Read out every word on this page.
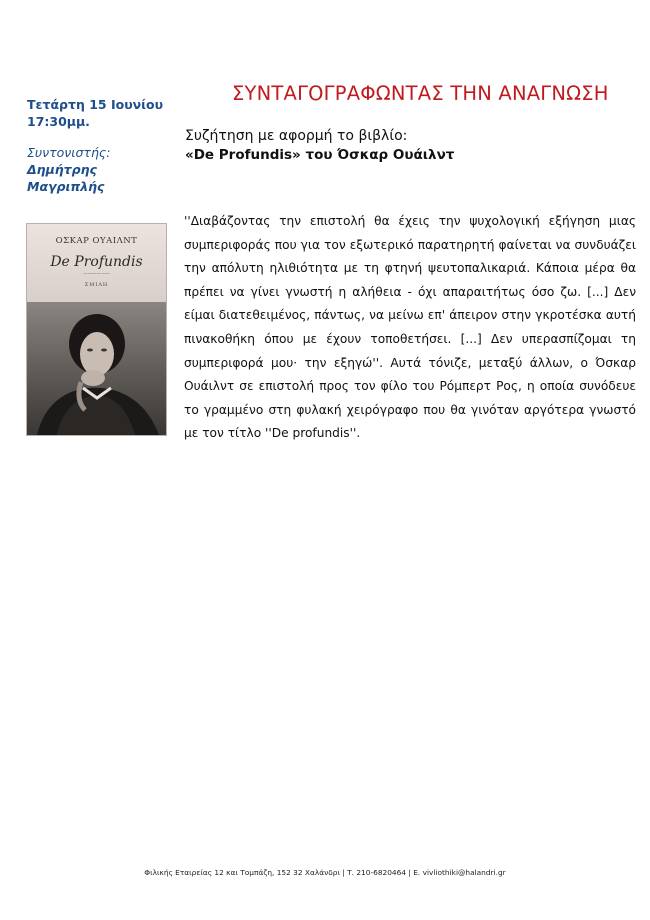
Τετάρτη 15 Ιουνίου
17:30μμ.
Συντονιστής:
Δημήτρης Μαγριπλής
ΣΥΝΤΑΓΟΓΡΑΦΩΝΤΑΣ ΤΗΝ ΑΝΑΓΝΩΣΗ
Συζήτηση με αφορμή το βιβλίο:
«De Profundis» του Όσκαρ Ουάιλντ
ΟΣΚΑΡ ΟΥΑΙΛΝΤ
De Profundis
——————
ΣΜΙΛΗ

''Διαβάζοντας την επιστολή θα έχεις την ψυχολογική εξήγηση μιας συμπεριφοράς που για τον εξωτερικό παρατηρητή φαίνεται να συνδυάζει την απόλυτη ηλιθιότητα με τη φτηνή ψευτοπαλικαριά. Κάποια μέρα θα πρέπει να γίνει γνωστή η αλήθεια - όχι απαραιτήτως όσο ζω. [...] Δεν είμαι διατεθειμένος, πάντως, να μείνω επ' άπειρον στην γκροτέσκα αυτή πινακοθήκη όπου με έχουν τοποθετήσει. [...] Δεν υπερασπίζομαι τη συμπεριφορά μου· την εξηγώ''. Αυτά τόνιζε, μεταξύ άλλων, ο Όσκαρ Ουάιλντ σε επιστολή προς τον φίλο του Ρόμπερτ Ρος, η οποία συνόδευε το γραμμένο στη φυλακή χειρόγραφο που θα γινόταν αργότερα γνωστό με τον τίτλο ''De profundis''.

Φιλικής Εταιρείας 12 και Τομπάζη, 152 32 Χαλάνδρι | Τ. 210-6820464 | Ε. vivliothiki@halandri.gr
